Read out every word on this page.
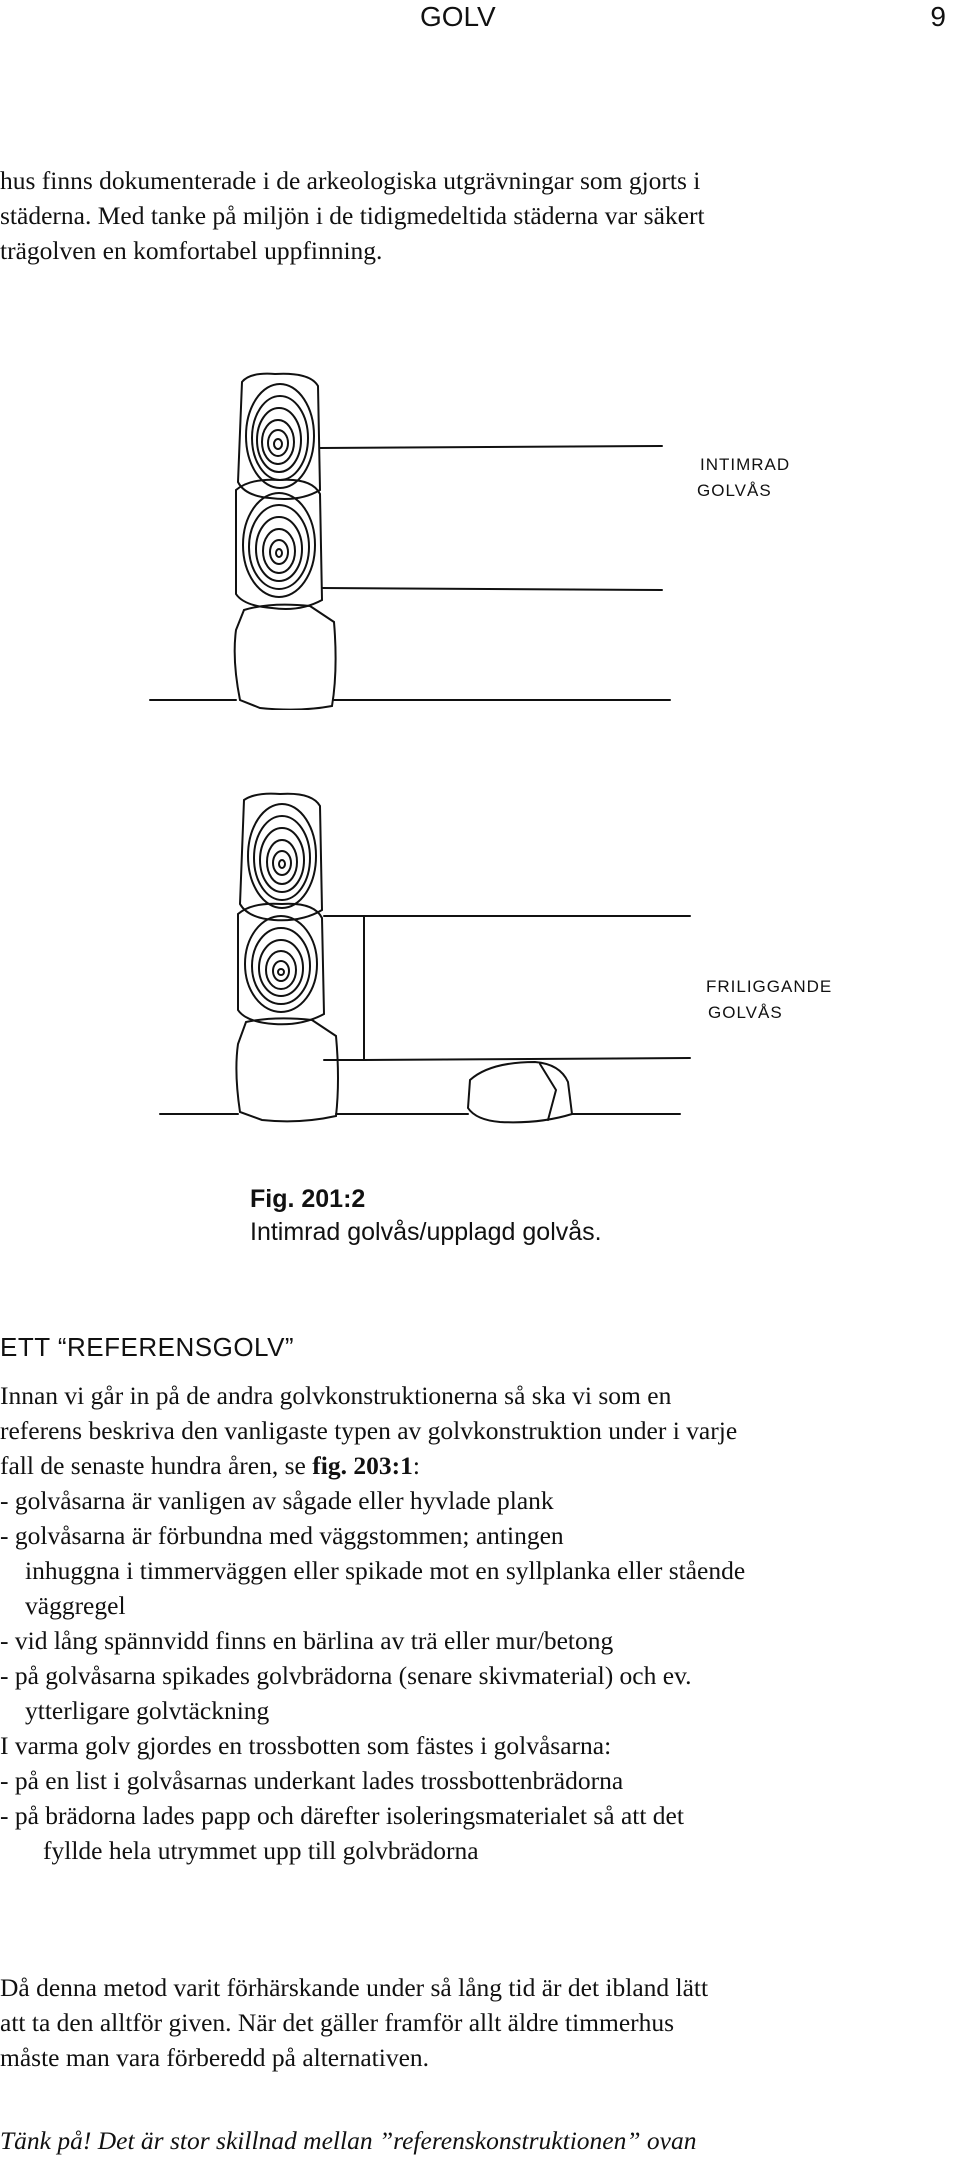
GOLV	9
hus finns dokumenterade i de arkeologiska utgrävningar som gjorts i
städerna. Med tanke på miljön i de tidigmedeltida städerna var säkert
trägolven en komfortabel uppfinning.
INTIMRAD
GOLVÅS
FRILIGGANDE
GOLVÅS
Fig. 201:2
Intimrad golvås/upplagd golvås.
ETT “REFERENSGOLV”
Innan vi går in på de andra golvkonstruktionerna så ska vi som en
referens beskriva den vanligaste typen av golvkonstruktion under i varje
fall de senaste hundra åren, se fig. 203:1:
- golvåsarna är vanligen av sågade eller hyvlade plank
- golvåsarna är förbundna med väggstommen; antingen
inhuggna i timmerväggen eller spikade mot en syllplanka eller stående
väggregel
- vid lång spännvidd finns en bärlina av trä eller mur/betong
- på golvåsarna spikades golvbrädorna (senare skivmaterial) och ev.
ytterligare golvtäckning
I varma golv gjordes en trossbotten som fästes i golvåsarna:
- på en list i golvåsarnas underkant lades trossbottenbrädorna
- på brädorna lades papp och därefter isoleringsmaterialet så att det
fyllde hela utrymmet upp till golvbrädorna
Då denna metod varit förhärskande under så lång tid är det ibland lätt
att ta den alltför given. När det gäller framför allt äldre timmerhus
måste man vara förberedd på alternativen.
Tänk på! Det är stor skillnad mellan ”referenskonstruktionen” ovan
